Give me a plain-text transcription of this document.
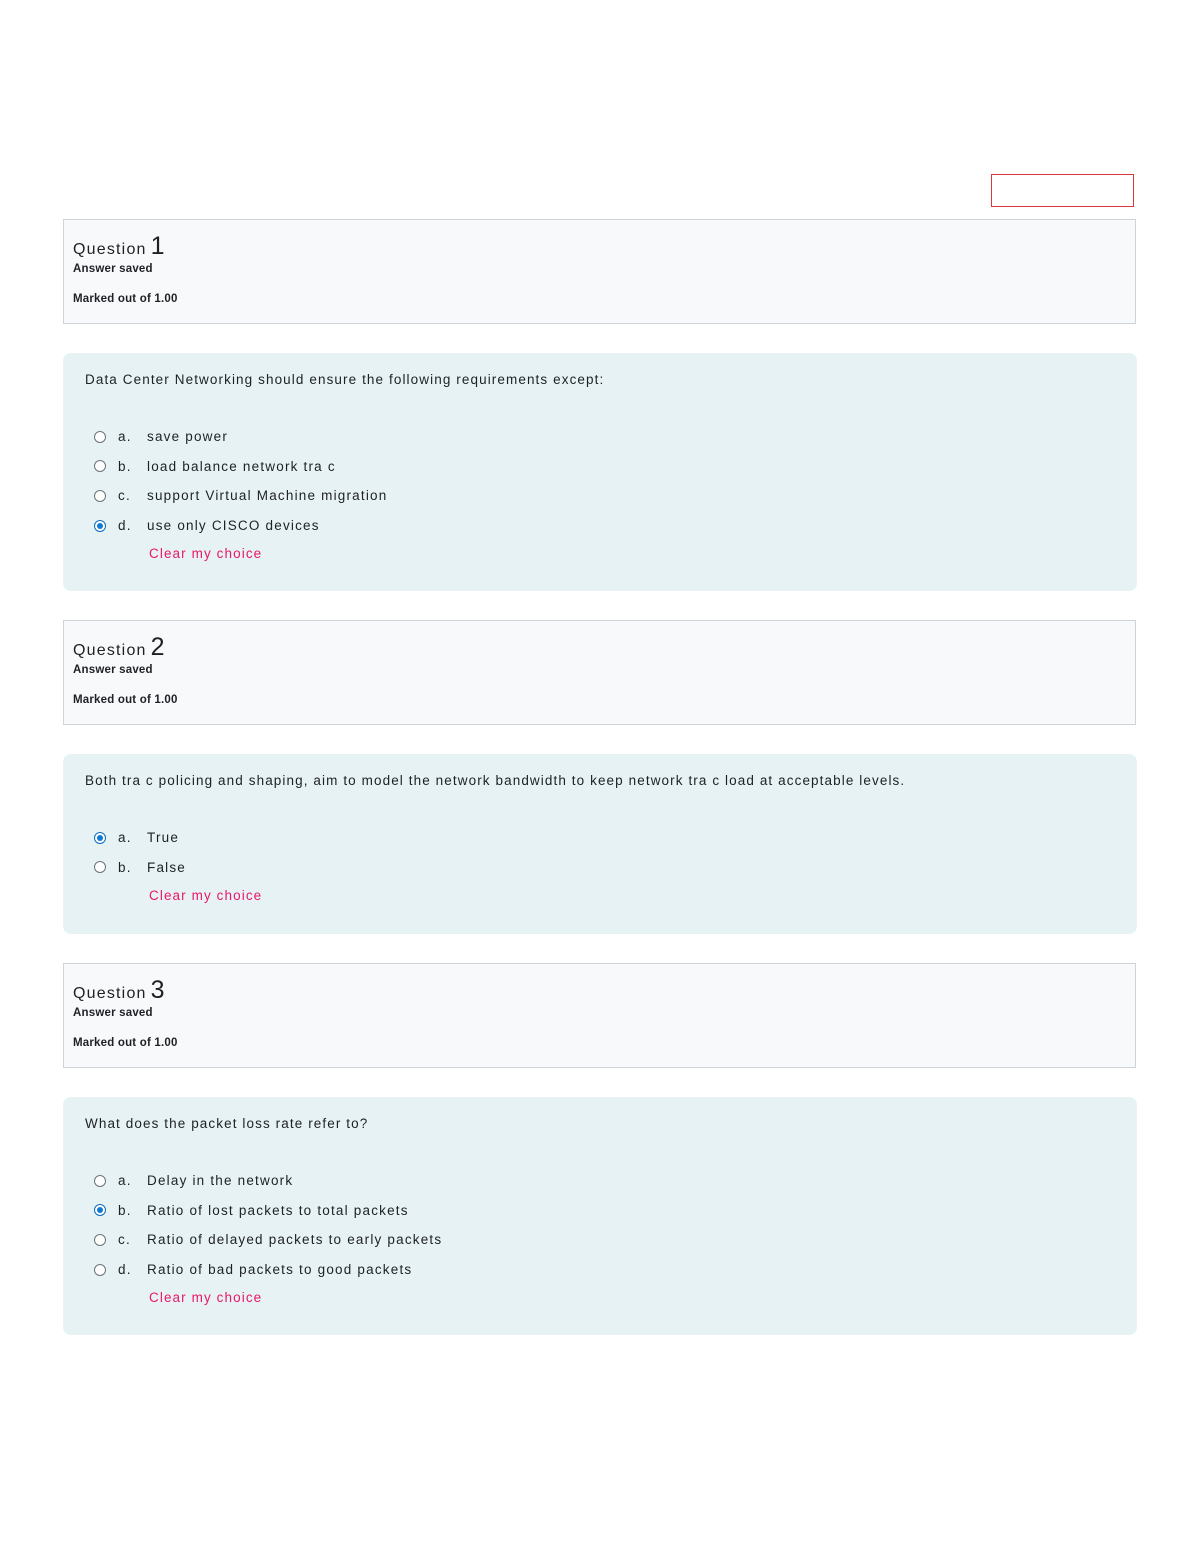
Question 1
Answer saved
Marked out of 1.00
Data Center Networking should ensure the following requirements except:
a.	save power
b.	load balance network tra c
c.	support Virtual Machine migration
d.	use only CISCO devices
Clear my choice
Question 2
Answer saved
Marked out of 1.00
Both tra c policing and shaping, aim to model the network bandwidth to keep network tra c load at acceptable levels.
a.	True
b.	False
Clear my choice
Question 3
Answer saved
Marked out of 1.00
What does the packet loss rate refer to?
a.	Delay in the network
b.	Ratio of lost packets to total packets
c.	Ratio of delayed packets to early packets
d.	Ratio of bad packets to good packets
Clear my choice
